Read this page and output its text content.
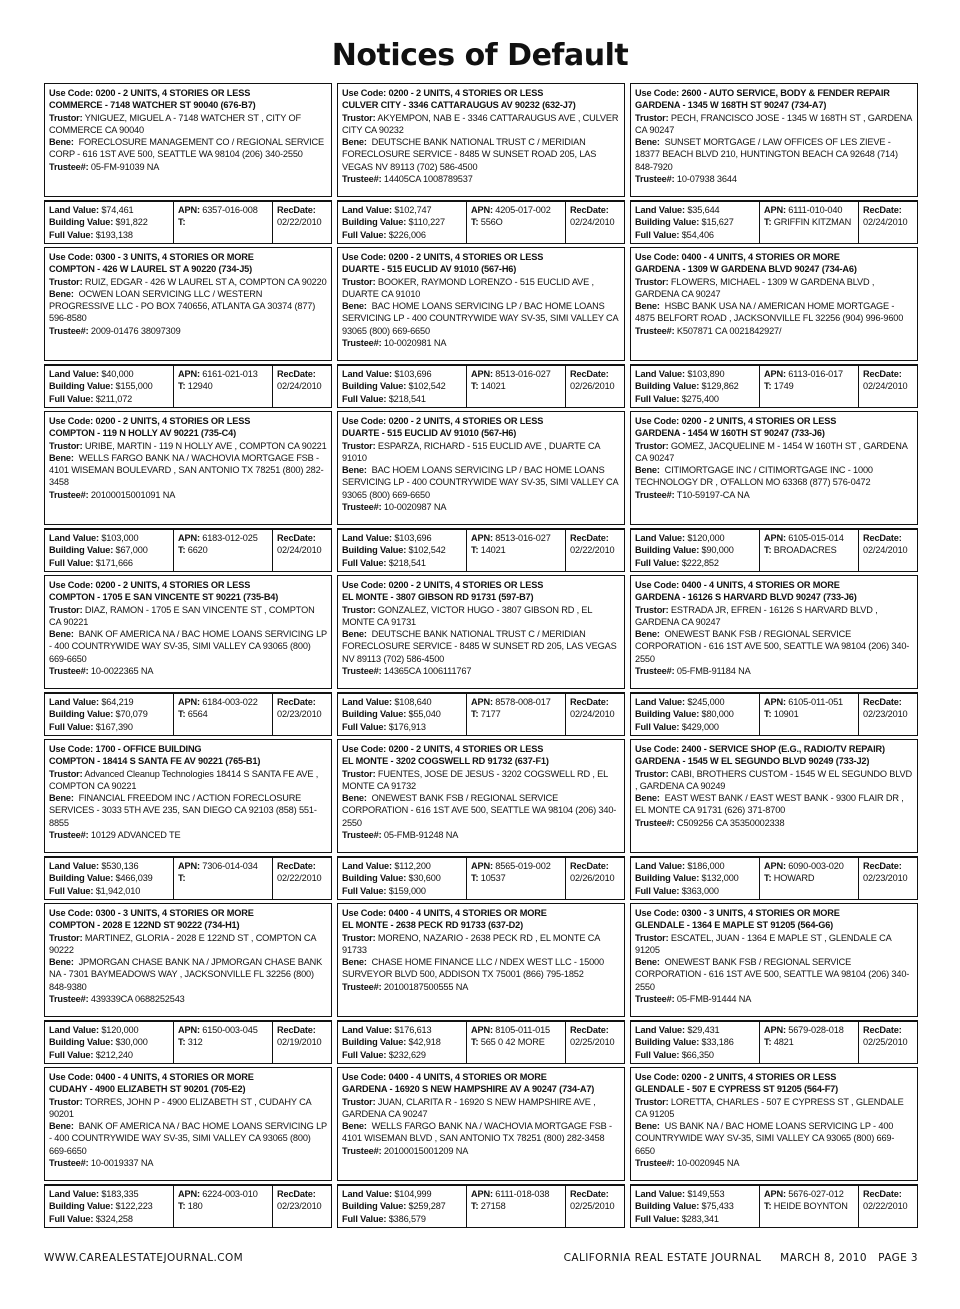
Notices of Default
Use Code: 0200 - 2 UNITS, 4 STORIES OR LESS
COMMERCE - 7148 WATCHER ST 90040 (676-B7)
Trustor: YNIGUEZ, MIGUEL A - 7148 WATCHER ST , CITY OF COMMERCE CA 90040
Bene: FORECLOSURE MANAGEMENT CO / REGIONAL SERVICE CORP - 616 1ST AVE 500, SEATTLE WA 98104 (206) 340-2550
Trustee#: 05-FM-91039 NA
Land Value: $74,461
Building Value: $91,822
Full Value: $193,138
APN: 6357-016-008
T:
RecDate:
02/22/2010
Use Code: 0300 - 3 UNITS, 4 STORIES OR MORE
COMPTON - 426 W LAUREL ST A 90220 (734-J5)
Trustor: RUIZ, EDGAR - 426 W LAUREL ST A, COMPTON CA 90220
Bene: OCWEN LOAN SERVICING LLC / WESTERN PROGRESSIVE LLC - PO BOX 740656, ATLANTA GA 30374 (877) 596-8580
Trustee#: 2009-01476 38097309
Land Value: $40,000
Building Value: $155,000
Full Value: $211,072
APN: 6161-021-013
T: 12940
RecDate:
02/24/2010
Use Code: 0200 - 2 UNITS, 4 STORIES OR LESS
COMPTON - 119 N HOLLY AV 90221 (735-C4)
Trustor: URIBE, MARTIN - 119 N HOLLY AVE , COMPTON CA 90221
Bene: WELLS FARGO BANK NA / WACHOVIA MORTGAGE FSB - 4101 WISEMAN BOULEVARD , SAN ANTONIO TX 78251 (800) 282-3458
Trustee#: 20100015001091 NA
Land Value: $103,000
Building Value: $67,000
Full Value: $171,666
APN: 6183-012-025
T: 6620
RecDate:
02/24/2010
Use Code: 0200 - 2 UNITS, 4 STORIES OR LESS
COMPTON - 1705 E SAN VINCENTE ST 90221 (735-B4)
Trustor: DIAZ, RAMON - 1705 E SAN VINCENTE ST , COMPTON CA 90221
Bene: BANK OF AMERICA NA / BAC HOME LOANS SERVICING LP - 400 COUNTRYWIDE WAY SV-35, SIMI VALLEY CA 93065 (800) 669-6650
Trustee#: 10-0022365 NA
Land Value: $64,219
Building Value: $70,079
Full Value: $167,390
APN: 6184-003-022
T: 6564
RecDate:
02/23/2010
Use Code: 1700 - OFFICE BUILDING
COMPTON - 18414 S SANTA FE AV 90221 (765-B1)
Trustor: Advanced Cleanup Technologies 18414 S SANTA FE AVE , COMPTON CA 90221
Bene: FINANCIAL FREEDOM INC / ACTION FORECLOSURE SERVICES - 3033 5TH AVE 235, SAN DIEGO CA 92103 (858) 551-8855
Trustee#: 10129 ADVANCED TE
Land Value: $530,136
Building Value: $466,039
Full Value: $1,942,010
APN: 7306-014-034
T:
RecDate:
02/22/2010
Use Code: 0300 - 3 UNITS, 4 STORIES OR MORE
COMPTON - 2028 E 122ND ST 90222 (734-H1)
Trustor: MARTINEZ, GLORIA - 2028 E 122ND ST , COMPTON CA 90222
Bene: JPMORGAN CHASE BANK NA / JPMORGAN CHASE BANK NA - 7301 BAYMEADOWS WAY , JACKSONVILLE FL 32256 (800) 848-9380
Trustee#: 439339CA 0688252543
Land Value: $120,000
Building Value: $30,000
Full Value: $212,240
APN: 6150-003-045
T: 312
RecDate:
02/19/2010
Use Code: 0400 - 4 UNITS, 4 STORIES OR MORE
CUDAHY - 4900 ELIZABETH ST 90201 (705-E2)
Trustor: TORRES, JOHN P - 4900 ELIZABETH ST , CUDAHY CA 90201
Bene: BANK OF AMERICA NA / BAC HOME LOANS SERVICING LP - 400 COUNTRYWIDE WAY SV-35, SIMI VALLEY CA 93065 (800) 669-6650
Trustee#: 10-0019337 NA
Land Value: $183,335
Building Value: $122,223
Full Value: $324,258
APN: 6224-003-010
T: 180
RecDate:
02/23/2010
Use Code: 0200 - 2 UNITS, 4 STORIES OR LESS
CULVER CITY - 3346 CATTARAUGUS AV 90232 (632-J7)
Trustor: AKYEMPON, NAB E - 3346 CATTARAUGUS AVE , CULVER CITY CA 90232
Bene: DEUTSCHE BANK NATIONAL TRUST C / MERIDIAN FORECLOSURE SERVICE - 8485 W SUNSET ROAD 205, LAS VEGAS NV 89113 (702) 586-4500
Trustee#: 14405CA 1008789537
Land Value: $102,747
Building Value: $110,227
Full Value: $226,006
APN: 4205-017-002
T: 556O
RecDate:
02/24/2010
Use Code: 0200 - 2 UNITS, 4 STORIES OR LESS
DUARTE - 515 EUCLID AV 91010 (567-H6)
Trustor: BOOKER, RAYMOND LORENZO - 515 EUCLID AVE , DUARTE CA 91010
Bene: BAC HOME LOANS SERVICING LP / BAC HOME LOANS SERVICING LP - 400 COUNTRYWIDE WAY SV-35, SIMI VALLEY CA 93065 (800) 669-6650
Trustee#: 10-0020981 NA
Land Value: $103,696
Building Value: $102,542
Full Value: $218,541
APN: 8513-016-027
T: 14021
RecDate:
02/26/2010
Use Code: 0200 - 2 UNITS, 4 STORIES OR LESS
DUARTE - 515 EUCLID AV 91010 (567-H6)
Trustor: ESPARZA, RICHARD - 515 EUCLID AVE , DUARTE CA 91010
Bene: BAC HOEM LOANS SERVICING LP / BAC HOME LOANS SERVICING LP - 400 COUNTRYWIDE WAY SV-35, SIMI VALLEY CA 93065 (800) 669-6650
Trustee#: 10-0020987 NA
Land Value: $103,696
Building Value: $102,542
Full Value: $218,541
APN: 8513-016-027
T: 14021
RecDate:
02/22/2010
Use Code: 0200 - 2 UNITS, 4 STORIES OR LESS
EL MONTE - 3807 GIBSON RD 91731 (597-B7)
Trustor: GONZALEZ, VICTOR HUGO - 3807 GIBSON RD , EL MONTE CA 91731
Bene: DEUTSCHE BANK NATIONAL TRUST C / MERIDIAN FORECLOSURE SERVICE - 8485 W SUNSET RD 205, LAS VEGAS NV 89113 (702) 586-4500
Trustee#: 14365CA 1006111767
Land Value: $108,640
Building Value: $55,040
Full Value: $176,913
APN: 8578-008-017
T: 7177
RecDate:
02/24/2010
Use Code: 0200 - 2 UNITS, 4 STORIES OR LESS
EL MONTE - 3202 COGSWELL RD 91732 (637-F1)
Trustor: FUENTES, JOSE DE JESUS - 3202 COGSWELL RD , EL MONTE CA 91732
Bene: ONEWEST BANK FSB / REGIONAL SERVICE CORPORATION - 616 1ST AVE 500, SEATTLE WA 98104 (206) 340-2550
Trustee#: 05-FMB-91248 NA
Land Value: $112,200
Building Value: $30,600
Full Value: $159,000
APN: 8565-019-002
T: 10537
RecDate:
02/26/2010
Use Code: 0400 - 4 UNITS, 4 STORIES OR MORE
EL MONTE - 2638 PECK RD 91733 (637-D2)
Trustor: MORENO, NAZARIO - 2638 PECK RD , EL MONTE CA 91733
Bene: CHASE HOME FINANCE LLC / NDEX WEST LLC - 15000 SURVEYOR BLVD 500, ADDISON TX 75001 (866) 795-1852
Trustee#: 20100187500555 NA
Land Value: $176,613
Building Value: $42,918
Full Value: $232,629
APN: 8105-011-015
T: 565 0 42 MORE
RecDate:
02/25/2010
Use Code: 0400 - 4 UNITS, 4 STORIES OR MORE
GARDENA - 16920 S NEW HAMPSHIRE AV A 90247 (734-A7)
Trustor: JUAN, CLARITA R - 16920 S NEW HAMPSHIRE AVE , GARDENA CA 90247
Bene: WELLS FARGO BANK NA / WACHOVIA MORTGAGE FSB - 4101 WISEMAN BLVD , SAN ANTONIO TX 78251 (800) 282-3458
Trustee#: 20100015001209 NA
Land Value: $104,999
Building Value: $259,287
Full Value: $386,579
APN: 6111-018-038
T: 27158
RecDate:
02/25/2010
Use Code: 2600 - AUTO SERVICE, BODY & FENDER REPAIR
GARDENA - 1345 W 168TH ST 90247 (734-A7)
Trustor: PECH, FRANCISCO JOSE - 1345 W 168TH ST , GARDENA CA 90247
Bene: SUNSET MORTGAGE / LAW OFFICES OF LES ZIEVE - 18377 BEACH BLVD 210, HUNTINGTON BEACH CA 92648 (714) 848-7920
Trustee#: 10-07938 3644
Land Value: $35,644
Building Value: $15,627
Full Value: $54,406
APN: 6111-010-040
T: GRIFFIN KITZMAN
RecDate:
02/24/2010
Use Code: 0400 - 4 UNITS, 4 STORIES OR MORE
GARDENA - 1309 W GARDENA BLVD 90247 (734-A6)
Trustor: FLOWERS, MICHAEL - 1309 W GARDENA BLVD , GARDENA CA 90247
Bene: HSBC BANK USA NA / AMERICAN HOME MORTGAGE - 4875 BELFORT ROAD , JACKSONVILLE FL 32256 (904) 996-9600
Trustee#: K507871 CA 0021842927/
Land Value: $103,890
Building Value: $129,862
Full Value: $275,400
APN: 6113-016-017
T: 1749
RecDate:
02/24/2010
Use Code: 0200 - 2 UNITS, 4 STORIES OR LESS
GARDENA - 1454 W 160TH ST 90247 (733-J6)
Trustor: GOMEZ, JACQUELINE M - 1454 W 160TH ST , GARDENA CA 90247
Bene: CITIMORTGAGE INC / CITIMORTGAGE INC - 1000 TECHNOLOGY DR , O'FALLON MO 63368 (877) 576-0472
Trustee#: T10-59197-CA NA
Land Value: $120,000
Building Value: $90,000
Full Value: $222,852
APN: 6105-015-014
T: BROADACRES
RecDate:
02/24/2010
Use Code: 0400 - 4 UNITS, 4 STORIES OR MORE
GARDENA - 16126 S HARVARD BLVD 90247 (733-J6)
Trustor: ESTRADA JR, EFREN - 16126 S HARVARD BLVD , GARDENA CA 90247
Bene: ONEWEST BANK FSB / REGIONAL SERVICE CORPORATION - 616 1ST AVE 500, SEATTLE WA 98104 (206) 340-2550
Trustee#: 05-FMB-91184 NA
Land Value: $245,000
Building Value: $80,000
Full Value: $429,000
APN: 6105-011-051
T: 10901
RecDate:
02/23/2010
Use Code: 2400 - SERVICE SHOP (E.G., RADIO/TV REPAIR)
GARDENA - 1545 W EL SEGUNDO BLVD 90249 (733-J2)
Trustor: CABI, BROTHERS CUSTOM - 1545 W EL SEGUNDO BLVD , GARDENA CA 90249
Bene: EAST WEST BANK / EAST WEST BANK - 9300 FLAIR DR , EL MONTE CA 91731 (626) 371-8700
Trustee#: C509256 CA 35350002338
Land Value: $186,000
Building Value: $132,000
Full Value: $363,000
APN: 6090-003-020
T: HOWARD
RecDate:
02/23/2010
Use Code: 0300 - 3 UNITS, 4 STORIES OR MORE
GLENDALE - 1364 E MAPLE ST 91205 (564-G6)
Trustor: ESCATEL, JUAN - 1364 E MAPLE ST , GLENDALE CA 91205
Bene: ONEWEST BANK FSB / REGIONAL SERVICE CORPORATION - 616 1ST AVE 500, SEATTLE WA 98104 (206) 340-2550
Trustee#: 05-FMB-91444 NA
Land Value: $29,431
Building Value: $33,186
Full Value: $66,350
APN: 5679-028-018
T: 4821
RecDate:
02/25/2010
Use Code: 0200 - 2 UNITS, 4 STORIES OR LESS
GLENDALE - 507 E CYPRESS ST 91205 (564-F7)
Trustor: LORETTA, CHARLES - 507 E CYPRESS ST , GLENDALE CA 91205
Bene: US BANK NA / BAC HOME LOANS SERVICING LP - 400 COUNTRYWIDE WAY SV-35, SIMI VALLEY CA 93065 (800) 669-6650
Trustee#: 10-0020945 NA
Land Value: $149,553
Building Value: $75,433
Full Value: $283,341
APN: 5676-027-012
T: HEIDE BOYNTON
RecDate:
02/22/2010
WWW.CAREALESTATEJOURNAL.COM	CALIFORNIA REAL ESTATE JOURNAL     MARCH 8, 2010   PAGE 3
